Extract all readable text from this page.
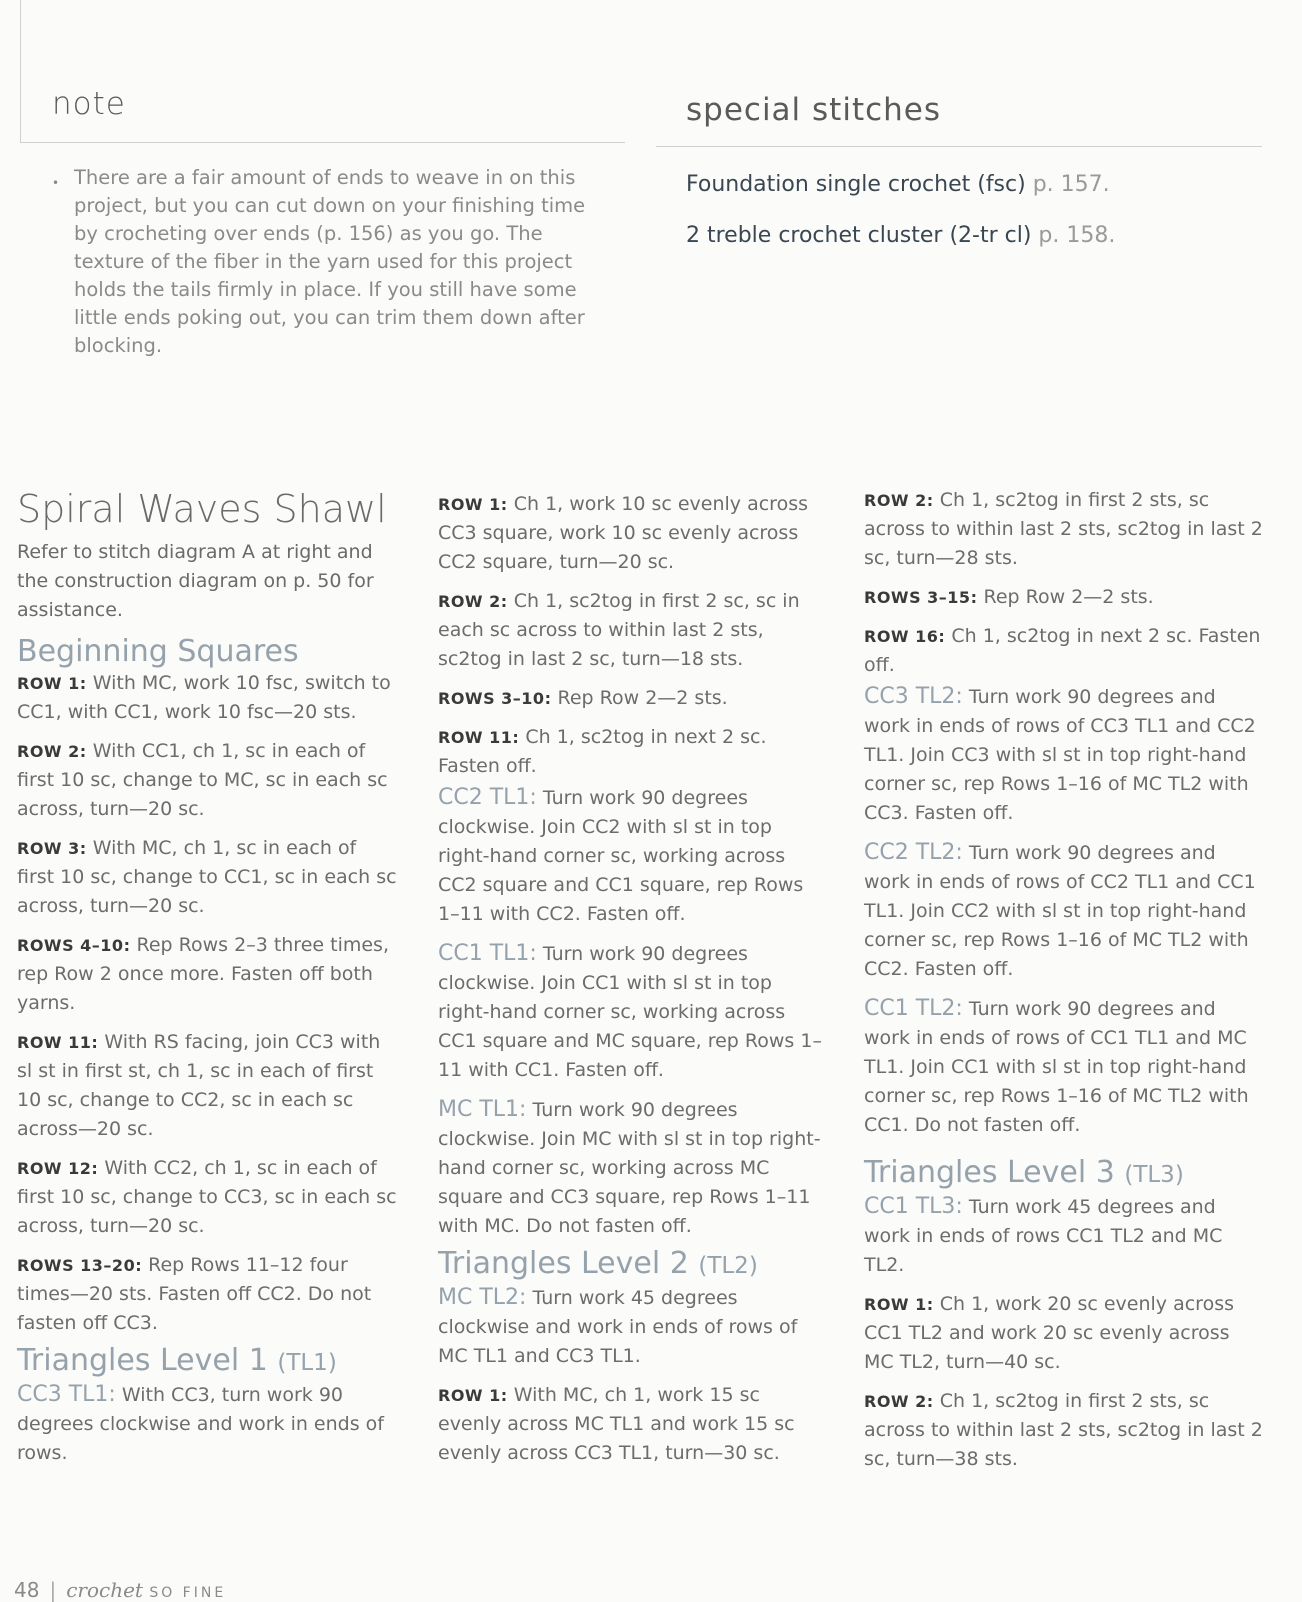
note
• There are a fair amount of ends to weave in on this project, but you can cut down on your finishing time by crocheting over ends (p. 156) as you go. The texture of the fiber in the yarn used for this project holds the tails firmly in place. If you still have some little ends poking out, you can trim them down after blocking.
special stitches
Foundation single crochet (fsc) p. 157.
2 treble crochet cluster (2-tr cl) p. 158.
Spiral Waves Shawl
Refer to stitch diagram A at right and the construction diagram on p. 50 for assistance.
Beginning Squares
ROW 1: With MC, work 10 fsc, switch to CC1, with CC1, work 10 fsc—20 sts.
ROW 2: With CC1, ch 1, sc in each of first 10 sc, change to MC, sc in each sc across, turn—20 sc.
ROW 3: With MC, ch 1, sc in each of first 10 sc, change to CC1, sc in each sc across, turn—20 sc.
ROWS 4–10: Rep Rows 2–3 three times, rep Row 2 once more. Fasten off both yarns.
ROW 11: With RS facing, join CC3 with sl st in first st, ch 1, sc in each of first 10 sc, change to CC2, sc in each sc across—20 sc.
ROW 12: With CC2, ch 1, sc in each of first 10 sc, change to CC3, sc in each sc across, turn—20 sc.
ROWS 13–20: Rep Rows 11–12 four times—20 sts. Fasten off CC2. Do not fasten off CC3.
Triangles Level 1 (TL1)
CC3 TL1: With CC3, turn work 90 degrees clockwise and work in ends of rows.
ROW 1: Ch 1, work 10 sc evenly across CC3 square, work 10 sc evenly across CC2 square, turn—20 sc.
ROW 2: Ch 1, sc2tog in first 2 sc, sc in each sc across to within last 2 sts, sc2tog in last 2 sc, turn—18 sts.
ROWS 3–10: Rep Row 2—2 sts.
ROW 11: Ch 1, sc2tog in next 2 sc. Fasten off.
CC2 TL1: Turn work 90 degrees clockwise. Join CC2 with sl st in top right-hand corner sc, working across CC2 square and CC1 square, rep Rows 1–11 with CC2. Fasten off.
CC1 TL1: Turn work 90 degrees clockwise. Join CC1 with sl st in top right-hand corner sc, working across CC1 square and MC square, rep Rows 1–11 with CC1. Fasten off.
MC TL1: Turn work 90 degrees clockwise. Join MC with sl st in top right-hand corner sc, working across MC square and CC3 square, rep Rows 1–11 with MC. Do not fasten off.
Triangles Level 2 (TL2)
MC TL2: Turn work 45 degrees clockwise and work in ends of rows of MC TL1 and CC3 TL1.
ROW 1: With MC, ch 1, work 15 sc evenly across MC TL1 and work 15 sc evenly across CC3 TL1, turn—30 sc.
ROW 2: Ch 1, sc2tog in first 2 sts, sc across to within last 2 sts, sc2tog in last 2 sc, turn—28 sts.
ROWS 3–15: Rep Row 2—2 sts.
ROW 16: Ch 1, sc2tog in next 2 sc. Fasten off.
CC3 TL2: Turn work 90 degrees and work in ends of rows of CC3 TL1 and CC2 TL1. Join CC3 with sl st in top right-hand corner sc, rep Rows 1–16 of MC TL2 with CC3. Fasten off.
CC2 TL2: Turn work 90 degrees and work in ends of rows of CC2 TL1 and CC1 TL1. Join CC2 with sl st in top right-hand corner sc, rep Rows 1–16 of MC TL2 with CC2. Fasten off.
CC1 TL2: Turn work 90 degrees and work in ends of rows of CC1 TL1 and MC TL1. Join CC1 with sl st in top right-hand corner sc, rep Rows 1–16 of MC TL2 with CC1. Do not fasten off.
Triangles Level 3 (TL3)
CC1 TL3: Turn work 45 degrees and work in ends of rows CC1 TL2 and MC TL2.
ROW 1: Ch 1, work 20 sc evenly across CC1 TL2 and work 20 sc evenly across MC TL2, turn—40 sc.
ROW 2: Ch 1, sc2tog in first 2 sts, sc across to within last 2 sts, sc2tog in last 2 sc, turn—38 sts.
48 | crochet SO FINE
